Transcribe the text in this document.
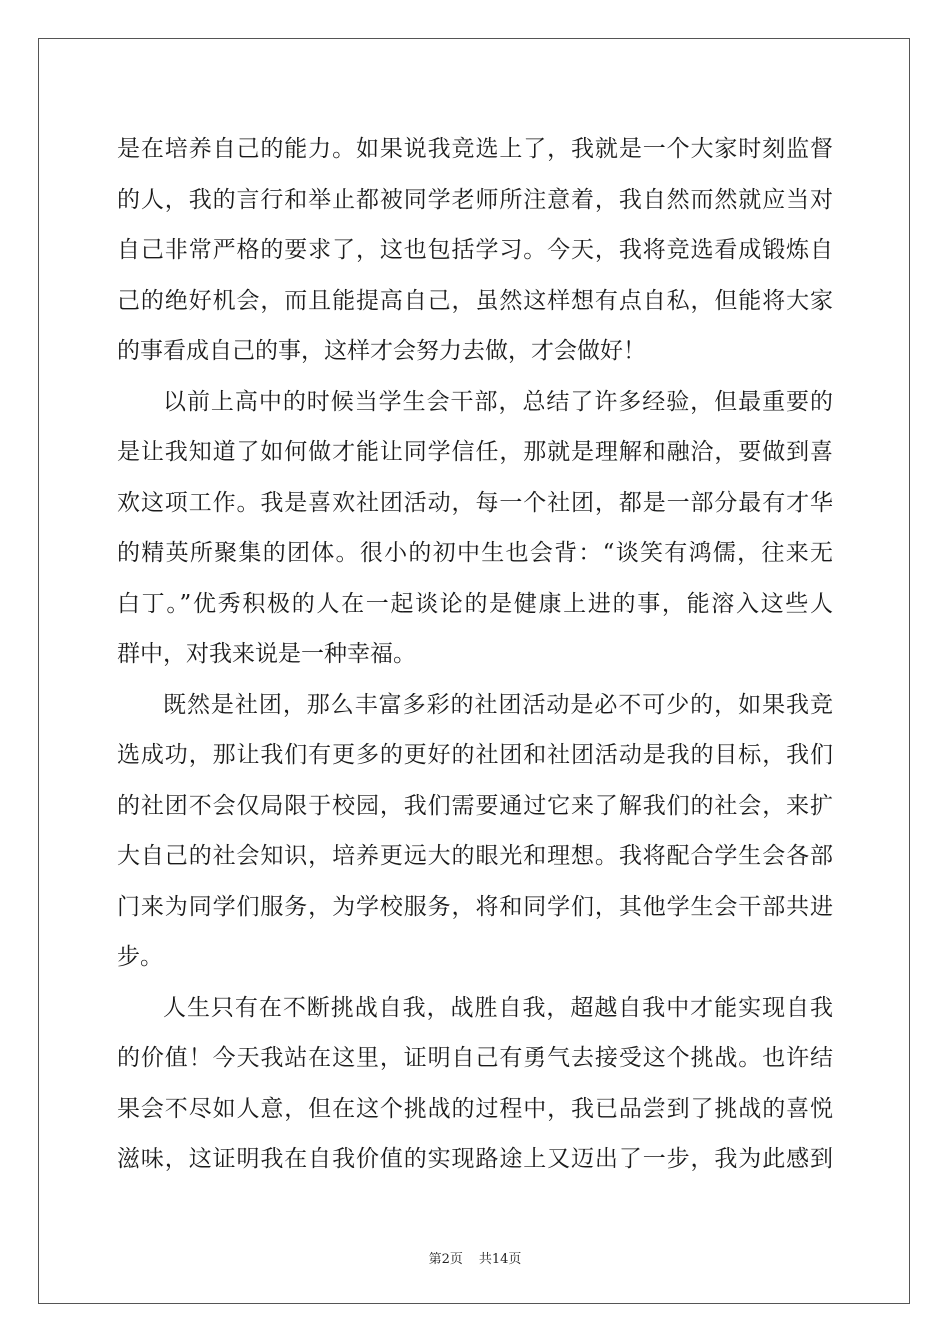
是在培养自己的能力。如果说我竞选上了，我就是一个大家时刻监督
的人，我的言行和举止都被同学老师所注意着，我自然而然就应当对
自己非常严格的要求了，这也包括学习。今天，我将竞选看成锻炼自
己的绝好机会，而且能提高自己，虽然这样想有点自私，但能将大家
的事看成自己的事，这样才会努力去做，才会做好！
以前上高中的时候当学生会干部，总结了许多经验，但最重要的
是让我知道了如何做才能让同学信任，那就是理解和融洽，要做到喜
欢这项工作。我是喜欢社团活动，每一个社团，都是一部分最有才华
的精英所聚集的团体。很小的初中生也会背：“谈笑有鸿儒，往来无
白丁。”优秀积极的人在一起谈论的是健康上进的事，能溶入这些人
群中，对我来说是一种幸福。
既然是社团，那么丰富多彩的社团活动是必不可少的，如果我竞
选成功，那让我们有更多的更好的社团和社团活动是我的目标，我们
的社团不会仅局限于校园，我们需要通过它来了解我们的社会，来扩
大自己的社会知识，培养更远大的眼光和理想。我将配合学生会各部
门来为同学们服务，为学校服务，将和同学们，其他学生会干部共进
步。
人生只有在不断挑战自我，战胜自我，超越自我中才能实现自我
的价值！今天我站在这里，证明自己有勇气去接受这个挑战。也许结
果会不尽如人意，但在这个挑战的过程中，我已品尝到了挑战的喜悦
滋味，这证明我在自我价值的实现路途上又迈出了一步，我为此感到
第2页 共14页
